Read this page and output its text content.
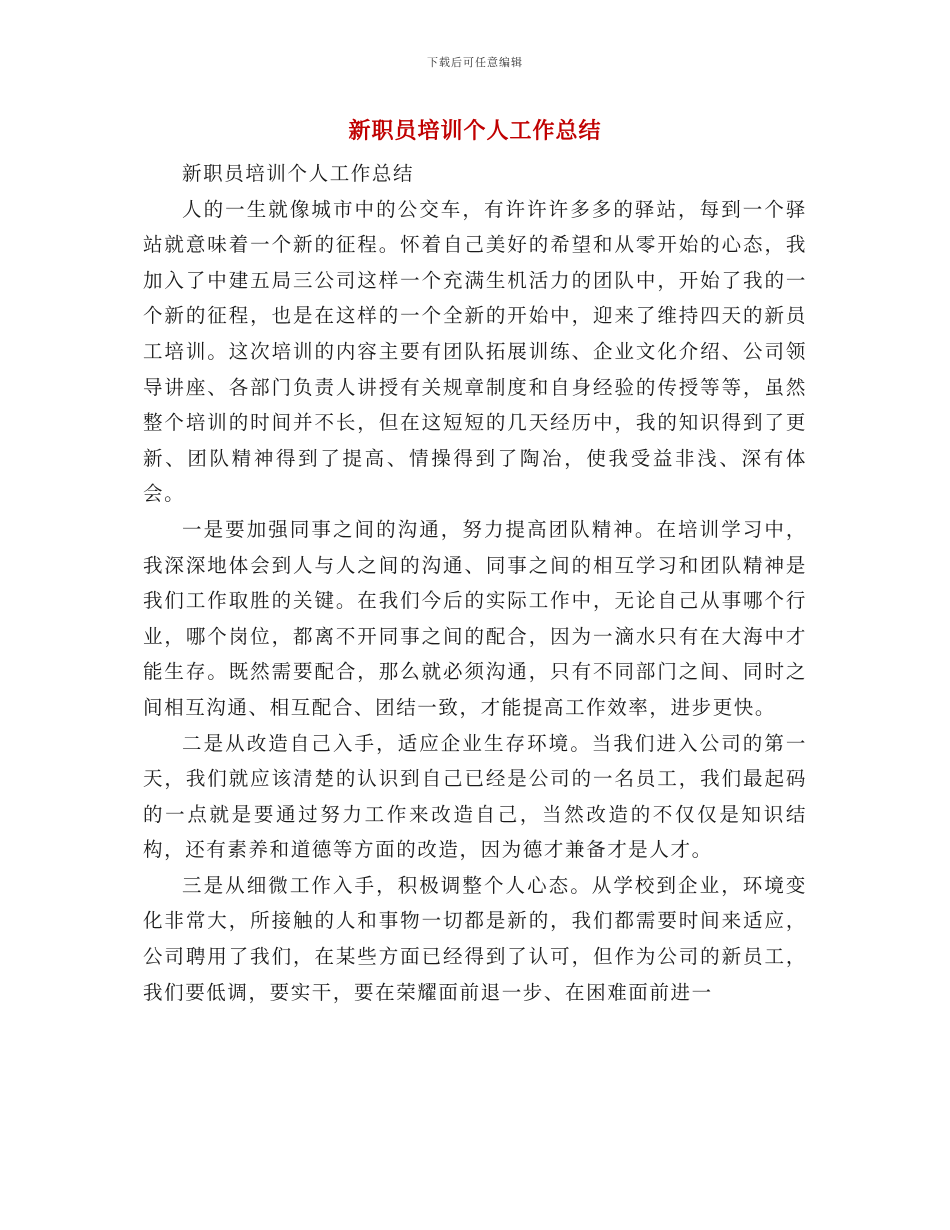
下载后可任意编辑
新职员培训个人工作总结

新职员培训个人工作总结

人的一生就像城市中的公交车，有许许许多多的驿站，每到一个驿站就意味着一个新的征程。怀着自己美好的希望和从零开始的心态，我加入了中建五局三公司这样一个充满生机活力的团队中，开始了我的一个新的征程，也是在这样的一个全新的开始中，迎来了维持四天的新员工培训。这次培训的内容主要有团队拓展训练、企业文化介绍、公司领导讲座、各部门负责人讲授有关规章制度和自身经验的传授等等，虽然整个培训的时间并不长，但在这短短的几天经历中，我的知识得到了更新、团队精神得到了提高、情操得到了陶冶，使我受益非浅、深有体会。

一是要加强同事之间的沟通，努力提高团队精神。在培训学习中，我深深地体会到人与人之间的沟通、同事之间的相互学习和团队精神是我们工作取胜的关键。在我们今后的实际工作中，无论自己从事哪个行业，哪个岗位，都离不开同事之间的配合，因为一滴水只有在大海中才能生存。既然需要配合，那么就必须沟通，只有不同部门之间、同时之间相互沟通、相互配合、团结一致，才能提高工作效率，进步更快。

二是从改造自己入手，适应企业生存环境。当我们进入公司的第一天，我们就应该清楚的认识到自己已经是公司的一名员工，我们最起码的一点就是要通过努力工作来改造自己，当然改造的不仅仅是知识结构，还有素养和道德等方面的改造，因为德才兼备才是人才。

三是从细微工作入手，积极调整个人心态。从学校到企业，环境变化非常大，所接触的人和事物一切都是新的，我们都需要时间来适应，公司聘用了我们，在某些方面已经得到了认可，但作为公司的新员工，我们要低调，要实干，要在荣耀面前退一步、在困难面前进一
